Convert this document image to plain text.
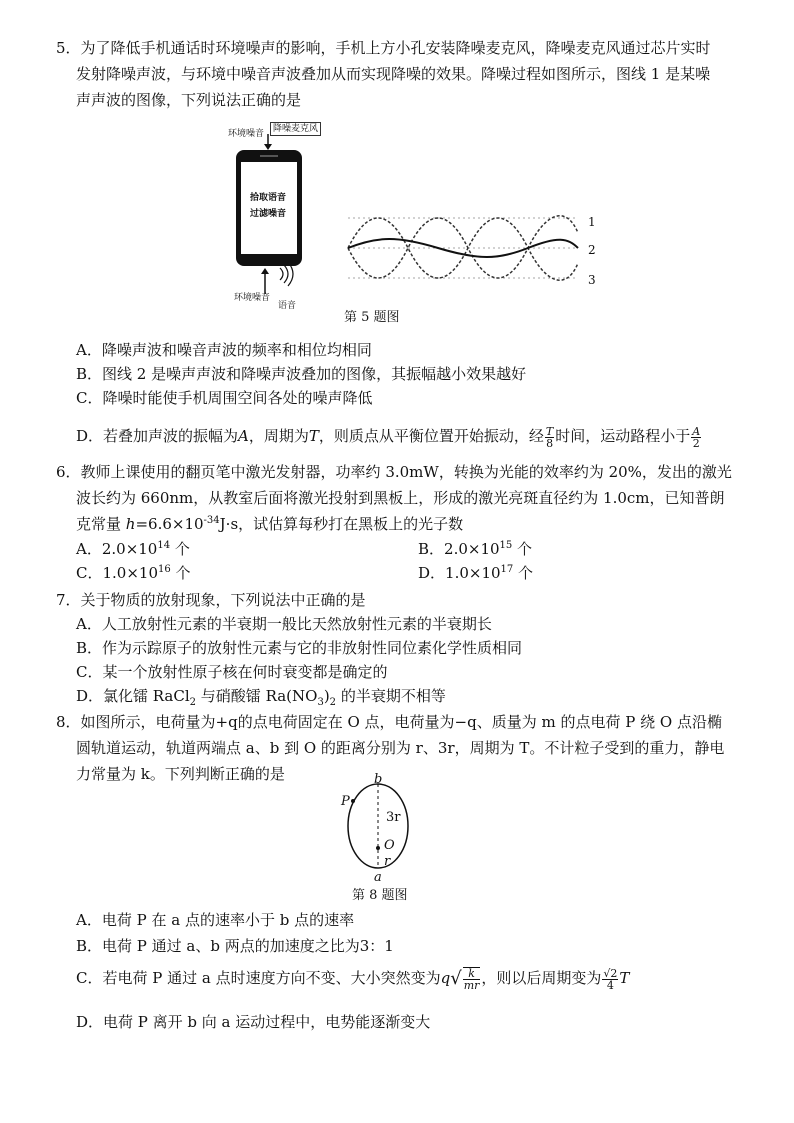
5．为了降低手机通话时环境噪声的影响，手机上方小孔安装降噪麦克风，降噪麦克风通过芯片实时
发射降噪声波，与环境中噪音声波叠加从而实现降噪的效果。降噪过程如图所示，图线 1 是某噪
声声波的图像，下列说法正确的是
环境噪音 降噪麦克风
拾取语音
过滤噪音
环境噪音
语音
1
2
3
第 5 题图
A．降噪声波和噪音声波的频率和相位均相同
B．图线 2 是噪声声波和降噪声波叠加的图像，其振幅越小效果越好
C．降噪时能使手机周围空间各处的噪声降低
D．若叠加声波的振幅为A，周期为T，则质点从平衡位置开始振动，经 $\frac{T}{8}$ 时间，运动路程小于 $\frac{A}{2}$
6．教师上课使用的翻页笔中激光发射器，功率约 3.0mW，转换为光能的效率约为 20%，发出的激光
波长约为 660nm，从教室后面将激光投射到黑板上，形成的激光亮斑直径约为 1.0cm，已知普朗
克常量 $h=6.6\times 10^{-34}J\cdot s$，试估算每秒打在黑板上的光子数
A．$2.0\times 10^{14}$ 个	B．$2.0\times 10^{15}$ 个
C．$1.0\times 10^{16}$ 个	D．$1.0\times 10^{17}$ 个
7．关于物质的放射现象，下列说法中正确的是
A．人工放射性元素的半衰期一般比天然放射性元素的半衰期长
B．作为示踪原子的放射性元素与它的非放射性同位素化学性质相同
C．某一个放射性原子核在何时衰变都是确定的
D．氯化镭 RaCl$_2$ 与硝酸镭 $Ra(NO_3)_2$ 的半衰期不相等
8．如图所示，电荷量为+q的点电荷固定在 O 点，电荷量为−q、质量为 m 的点电荷 P 绕 O 点沿椭
圆轨道运动，轨道两端点 a、b 到 O 的距离分别为 r、3r，周期为 T。不计粒子受到的重力，静电
力常量为 k。下列判断正确的是	b
P
3r
O
r
a
第 8 题图
A．电荷 P 在 a 点的速率小于 b 点的速率
B．电荷 P 通过 a、b 两点的加速度之比为3：1
C．若电荷 P 通过 a 点时速度方向不变、大小突然变为$q√ \frac{k}{mr}$ ，则以后周期变为 $\frac{√2}{4}$ T
D．电荷 P 离开 b 向 a 运动过程中，电势能逐渐变大
